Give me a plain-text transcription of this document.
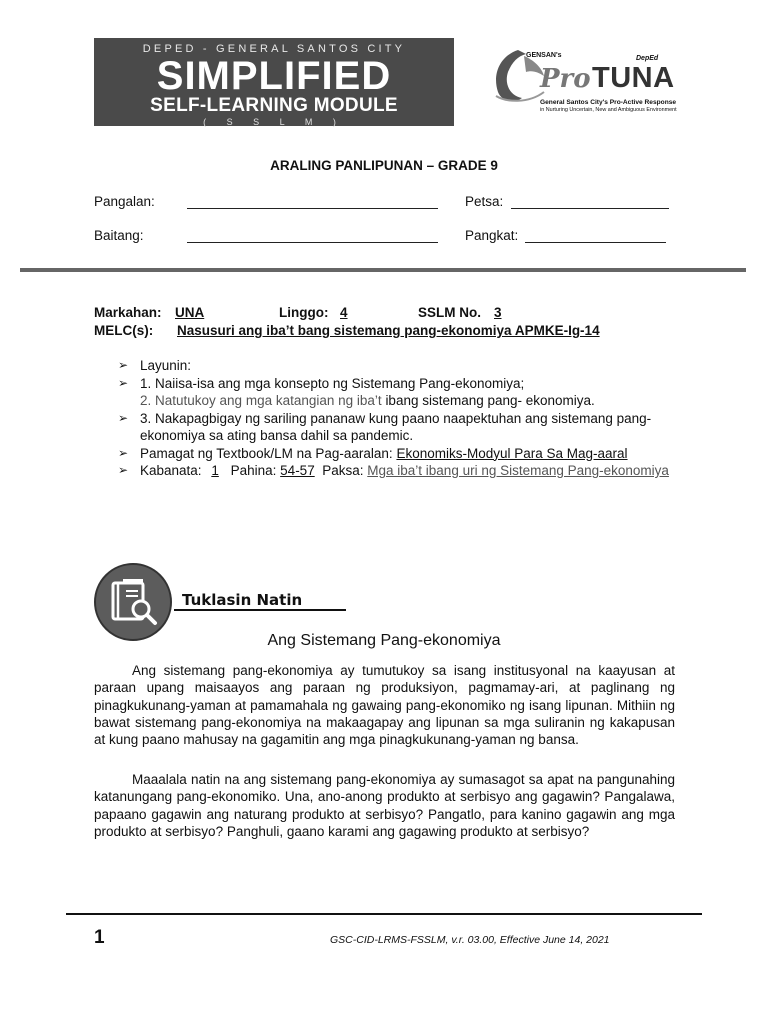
DEPED - GENERAL SANTOS CITY
SIMPLIFIED
SELF-LEARNING MODULE
( S S L M )
GENSAN's	DepEd
Pro TUNA
General Santos City's Pro-Active Response
in Nurturing Uncertain, New and Ambiguous Environment
ARALING PANLIPUNAN – GRADE 9
Pangalan:	Petsa:
Baitang:	Pangkat:
Markahan: UNA	Linggo: 4	SSLM No. 3
MELC(s): Nasusuri ang iba’t bang sistemang pang-ekonomiya APMKE-Ig-14
➢ Layunin:
➢ 1. Naiisa-isa ang mga konsepto ng Sistemang Pang-ekonomiya;
2. Natutukoy ang mga katangian ng iba’t ibang sistemang pang- ekonomiya.
➢ 3. Nakapagbigay ng sariling pananaw kung paano naapektuhan ang sistemang pang-ekonomiya sa ating bansa dahil sa pandemic.
➢ Pamagat ng Textbook/LM na Pag-aaralan: Ekonomiks-Modyul Para Sa Mag-aaral
➢ Kabanata: 1 Pahina: 54-57 Paksa: Mga iba’t ibang uri ng Sistemang Pang-ekonomiya
Tuklasin Natin
Ang Sistemang Pang-ekonomiya

Ang sistemang pang-ekonomiya ay tumutukoy sa isang institusyonal na kaayusan at paraan upang maisaayos ang paraan ng produksiyon, pagmamay-ari, at paglinang ng pinagkukunang-yaman at pamamahala ng gawaing pang-ekonomiko ng isang lipunan. Mithiin ng bawat sistemang pang-ekonomiya na makaagapay ang lipunan sa mga suliranin ng kakapusan at kung paano mahusay na gagamitin ang mga pinagkukunang-yaman ng bansa.

Maaalala natin na ang sistemang pang-ekonomiya ay sumasagot sa apat na pangunahing katanungang pang-ekonomiko. Una, ano-anong produkto at serbisyo ang gagawin? Pangalawa, papaano gagawin ang naturang produkto at serbisyo? Pangatlo, para kanino gagawin ang mga produkto at serbisyo? Panghuli, gaano karami ang gagawing produkto at serbisyo?

1	GSC-CID-LRMS-FSSLM, v.r. 03.00, Effective June 14, 2021
